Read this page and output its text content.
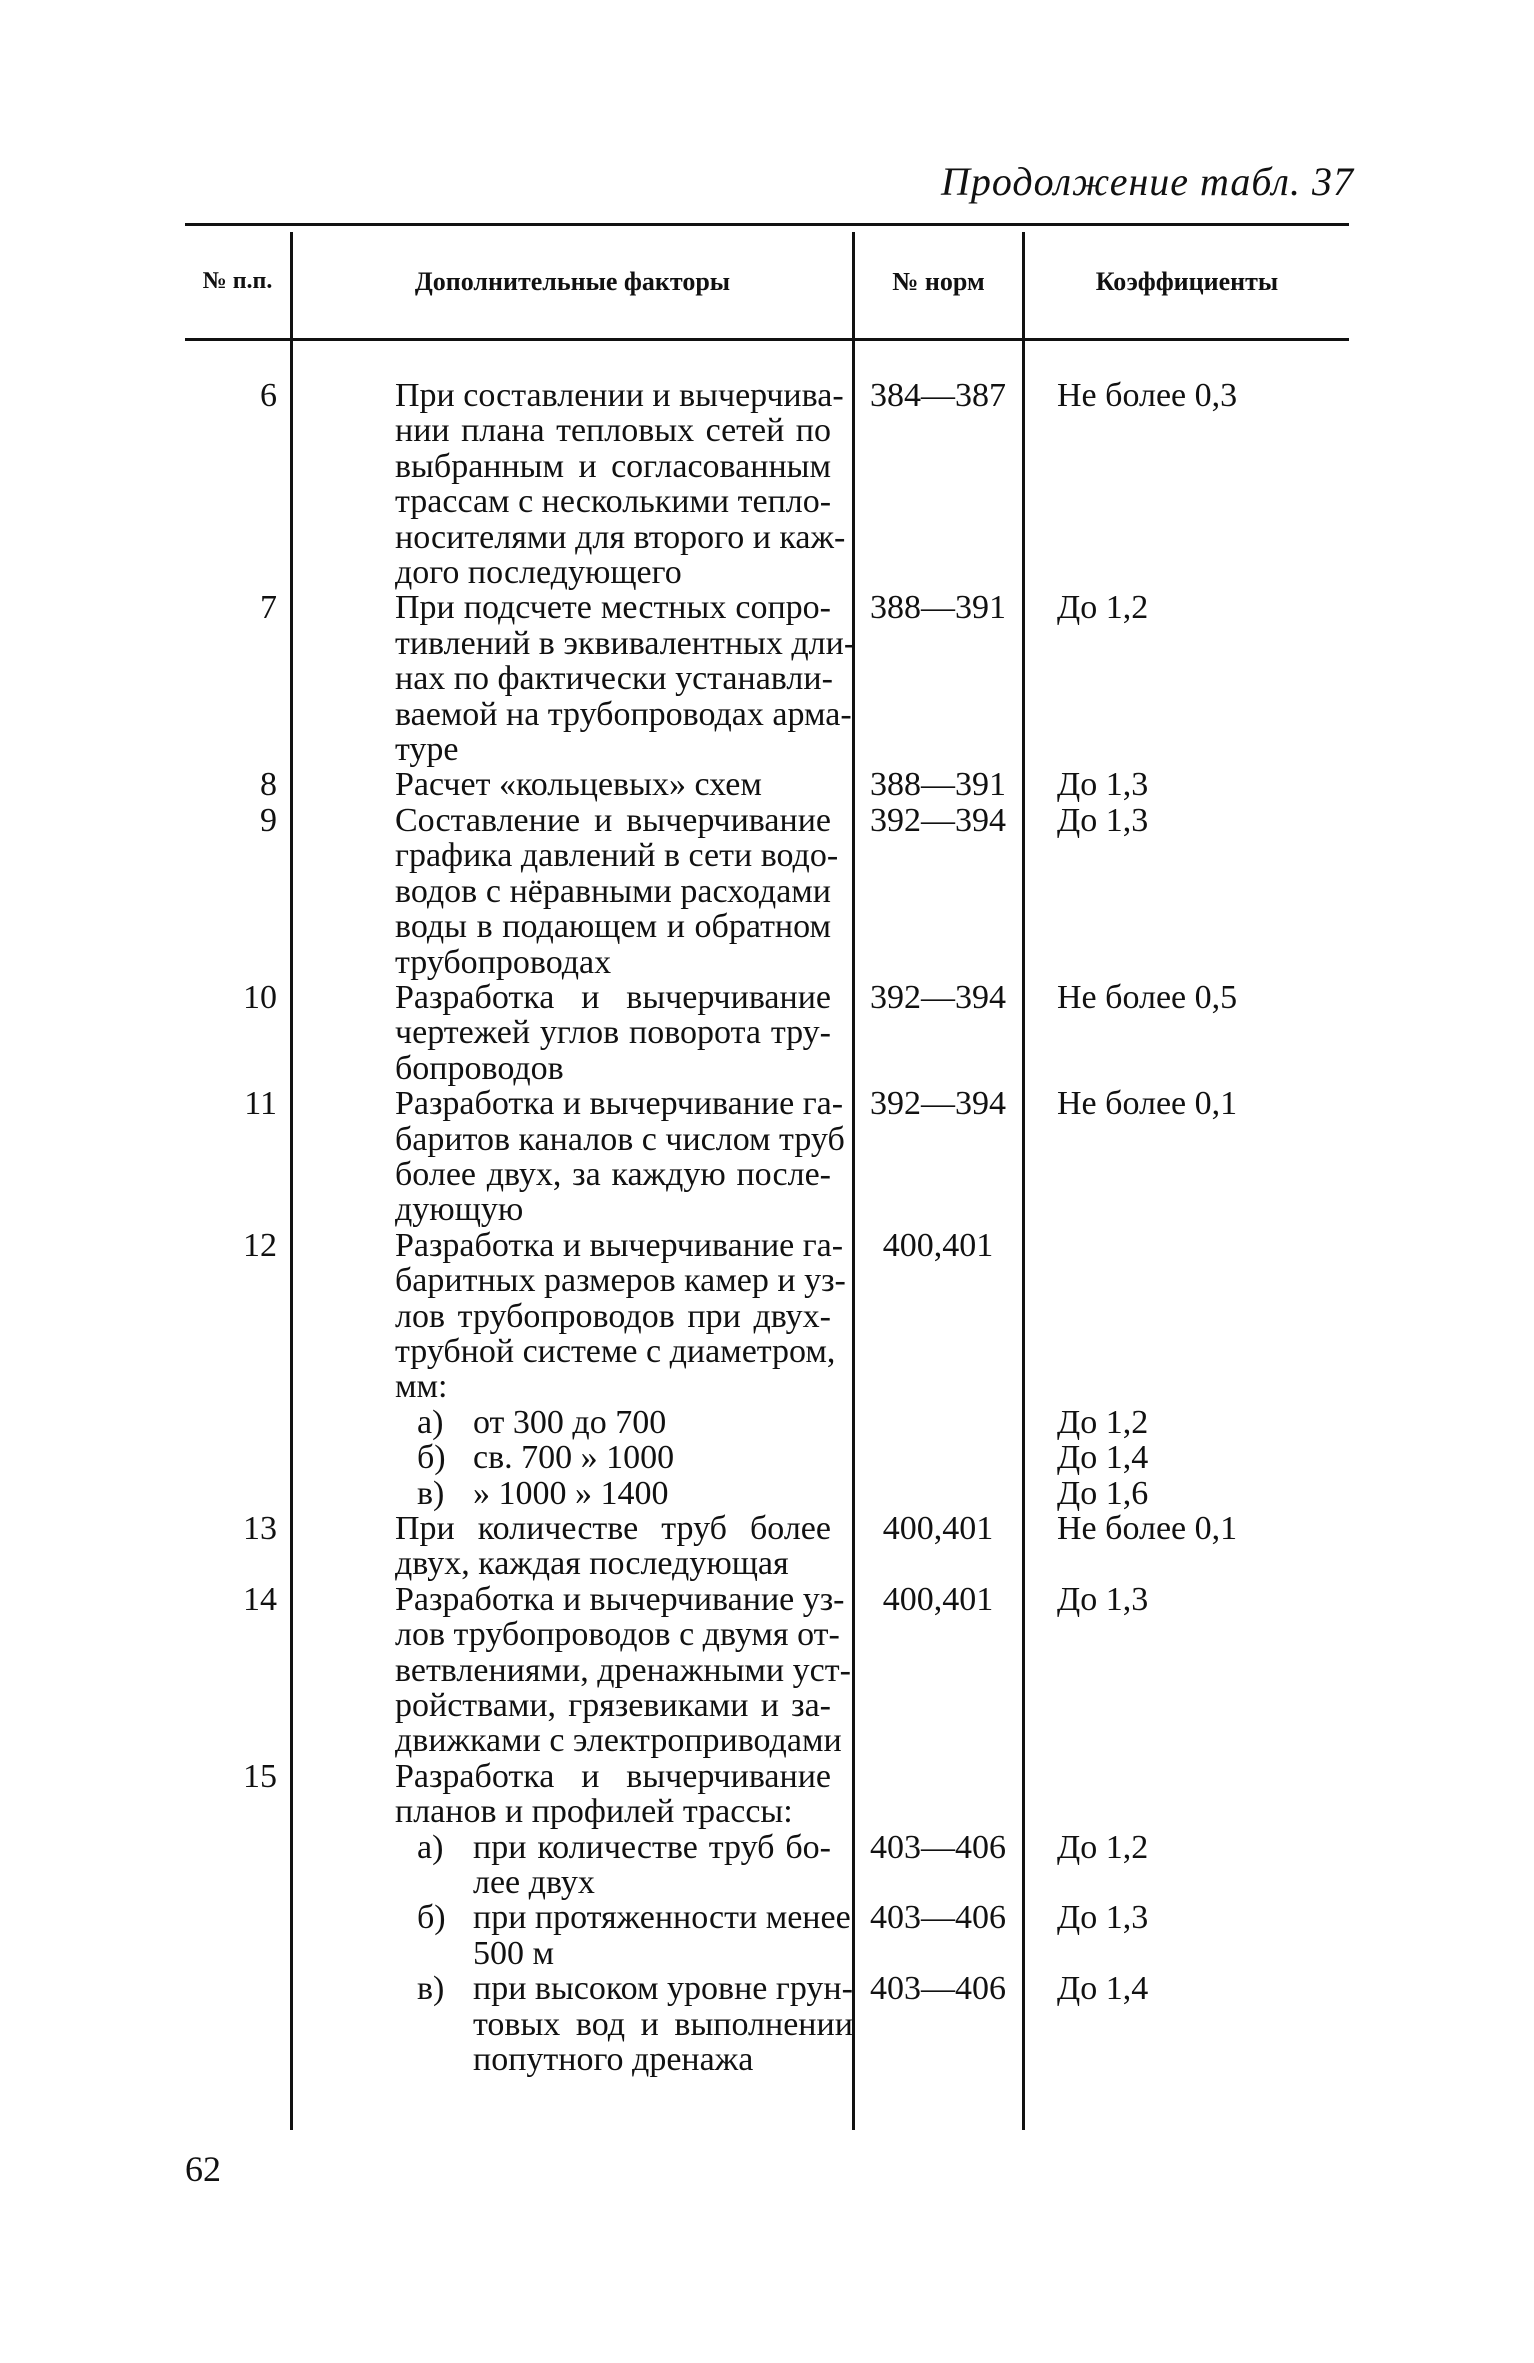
Продолжение табл. 37
№ п.п.	Дополнительные факторы	№ норм	Коэффициенты
6	При составлении и вычерчива-
нии плана тепловых сетей по
выбранным и согласованным
трассам с несколькими тепло-
носителями для второго и каж-
дого последующего
384—387	Не более 0,3
7	При подсчете местных сопро-
тивлений в эквивалентных дли-
нах по фактически устанавли-
ваемой на трубопроводах арма-
туре
388—391	До 1,2
8	Расчет «кольцевых» схем	388—391	До 1,3
9	Составление и вычерчивание
графика давлений в сети водо-
водов с нёравными расходами
воды в подающем и обратном
трубопроводах
392—394	До 1,3
10	Разработка и вычерчивание
чертежей углов поворота тру-
бопроводов
392—394	Не более 0,5
11	Разработка и вычерчивание га-
баритов каналов с числом труб
более двух, за каждую после-
дующую
392—394	Не более 0,1
12	Разработка и вычерчивание га-
баритных размеров камер и уз-
лов трубопроводов при двух-
трубной системе с диаметром,
мм:
400,401
а) от 300 до 700	До 1,2
б) св. 700 » 1000	До 1,4
в) » 1000 » 1400	До 1,6
13	При количестве труб более
двух, каждая последующая
400,401	Не более 0,1
14	Разработка и вычерчивание уз-
лов трубопроводов с двумя от-
ветвлениями, дренажными уст-
ройствами, грязевиками и за-
движками с электроприводами
400,401	До 1,3
15	Разработка и вычерчивание
планов и профилей трассы:
а) при количестве труб бо-
лее двух
403—406	До 1,2
б) при протяженности менее
500 м
403—406	До 1,3
в) при высоком уровне грун-
товых вод и выполнении
попутного дренажа
403—406	До 1,4
62
